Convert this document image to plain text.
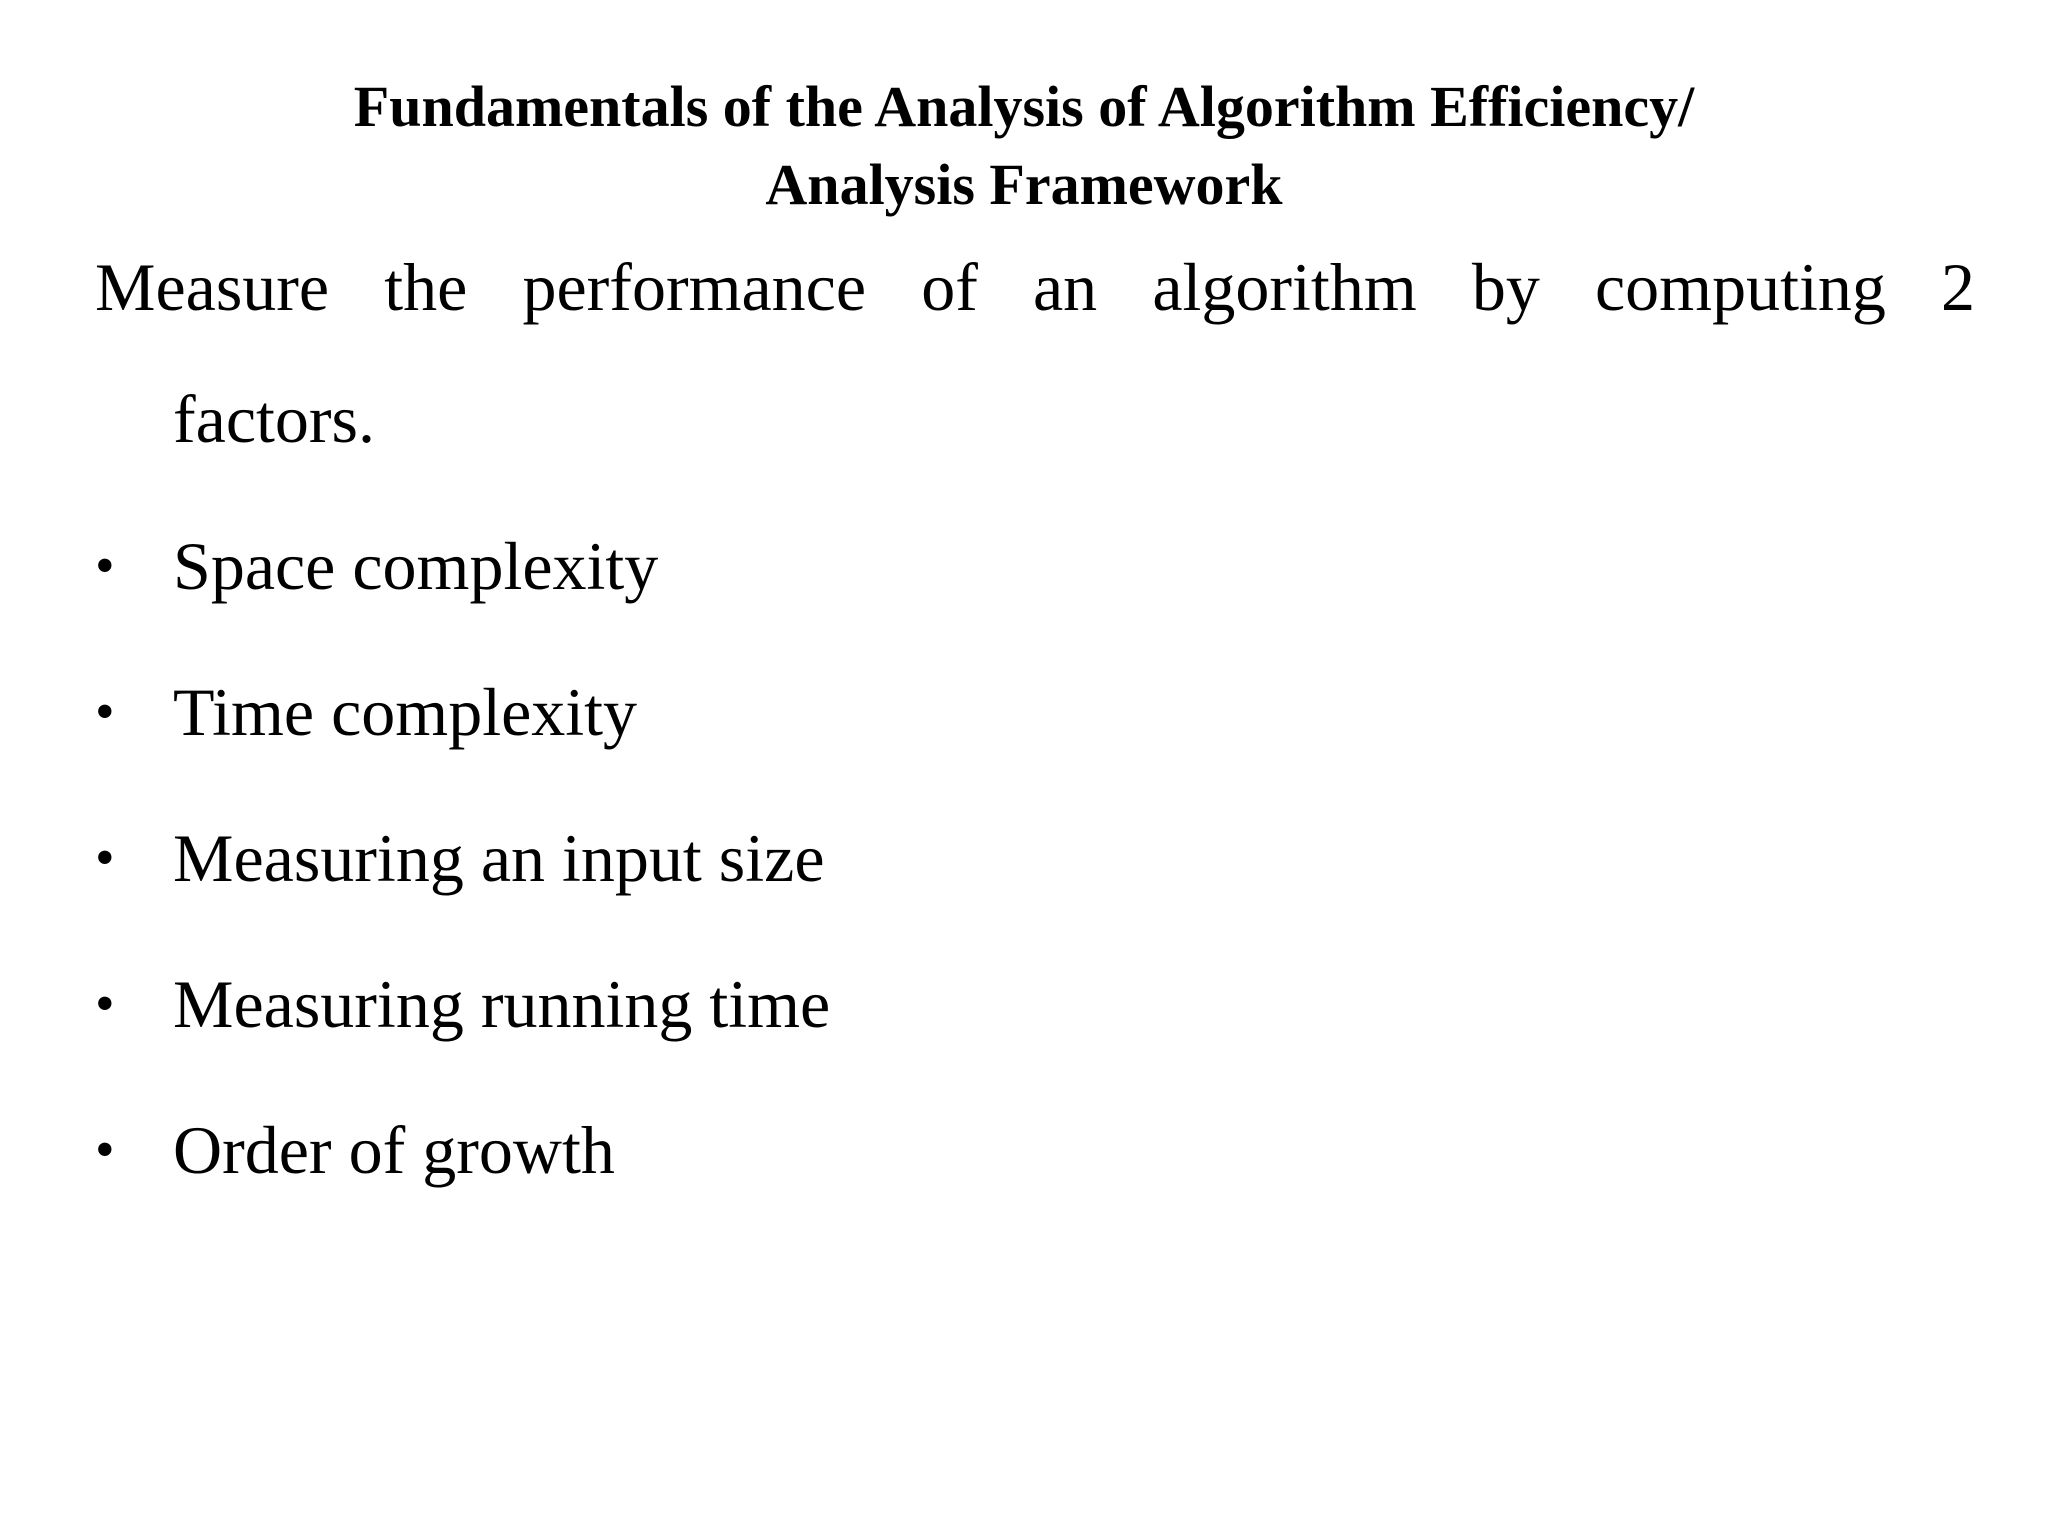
Fundamentals of the Analysis of Algorithm Efficiency/
Analysis Framework
Measure the performance of an algorithm by computing 2
factors.
• Space complexity
• Time complexity
• Measuring an input size
• Measuring running time
• Order of growth
